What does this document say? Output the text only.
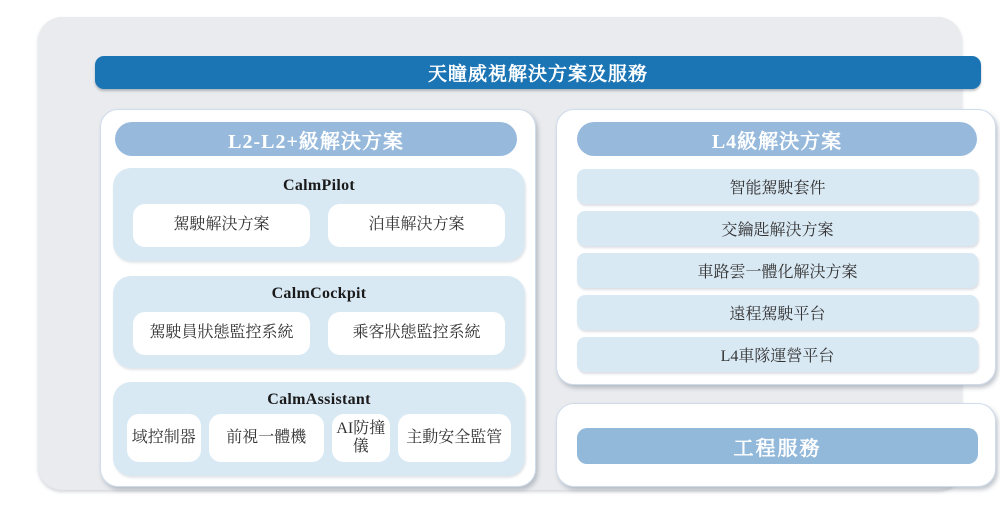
天瞳威視解決方案及服務
L2-L2+級解決方案
CalmPilot
駕駛解決方案	泊車解決方案
CalmCockpit
駕駛員狀態監控系統	乘客狀態監控系統
CalmAssistant
域控制器	前視一體機
AI防撞儀
主動安全監管
L4級解決方案
智能駕駛套件
交鑰匙解決方案
車路雲一體化解決方案
遠程駕駛平台
L4車隊運營平台
工程服務
